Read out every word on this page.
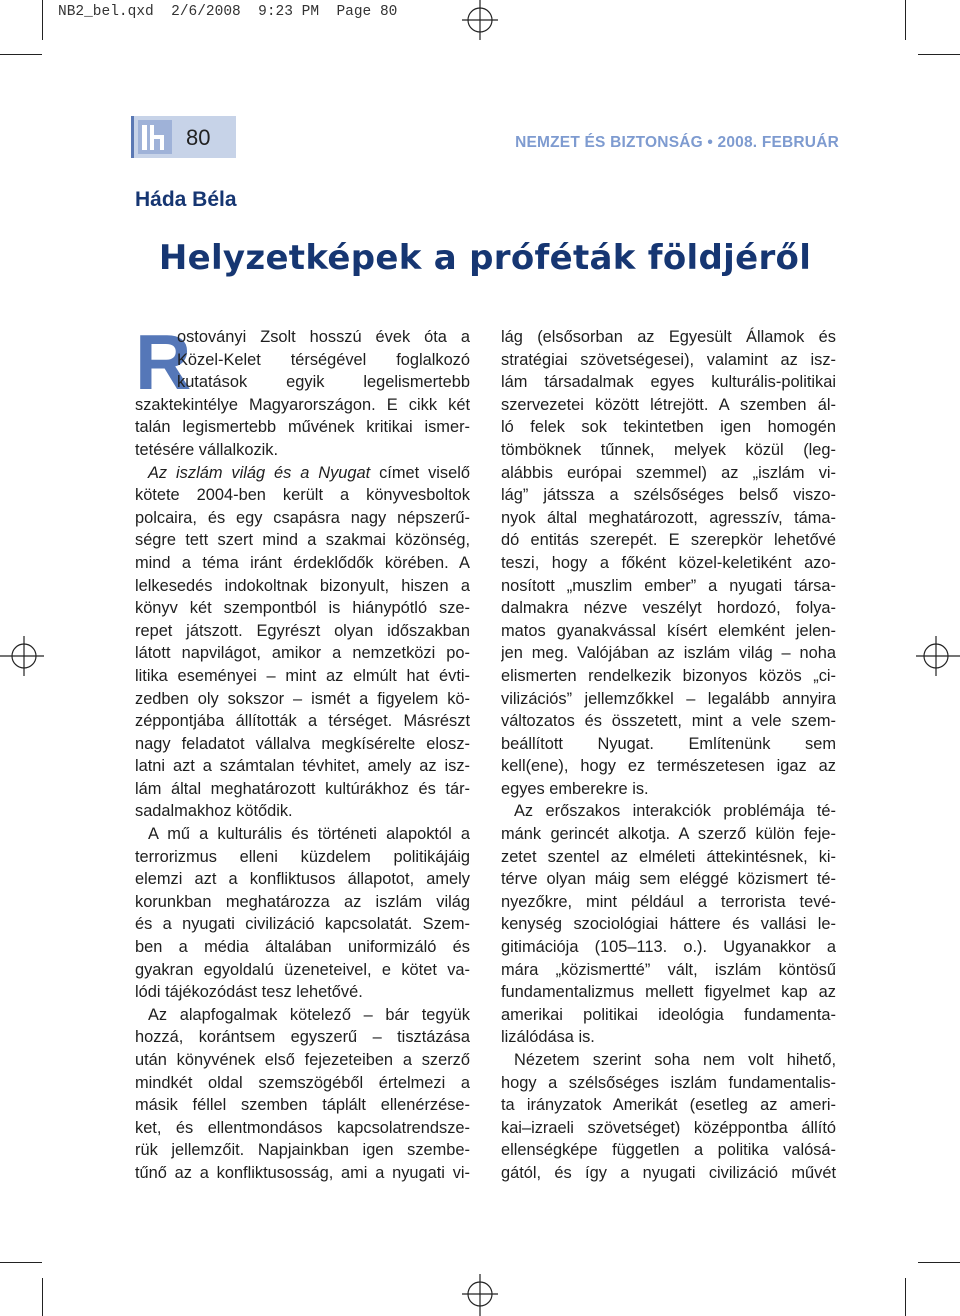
NB2_bel.qxd  2/6/2008  9:23 PM  Page 80
80	NEMZET ÉS BIZTONSÁG • 2008. FEBRUÁR
Háda Béla
Helyzetképek a próféták földjéről
R
ostoványi Zsolt hosszú évek óta a
Közel-Kelet térségével foglalkozó
kutatások egyik legelismertebb
szaktekintélye Magyarországon. E cikk két
talán legismertebb művének kritikai ismer-
tetésére vállalkozik.
Az iszlám világ és a Nyugat címet viselő
kötete 2004-ben került a könyvesboltok
polcaira, és egy csapásra nagy népszerű-
ségre tett szert mind a szakmai közönség,
mind a téma iránt érdeklődők körében. A
lelkesedés indokoltnak bizonyult, hiszen a
könyv két szempontból is hiánypótló sze-
repet játszott. Egyrészt olyan időszakban
látott napvilágot, amikor a nemzetközi po-
litika eseményei – mint az elmúlt hat évti-
zedben oly sokszor – ismét a figyelem kö-
zéppontjába állították a térséget. Másrészt
nagy feladatot vállalva megkísérelte elosz-
latni azt a számtalan tévhitet, amely az isz-
lám által meghatározott kultúrákhoz és tár-
sadalmakhoz kötődik.
A mű a kulturális és történeti alapoktól a
terrorizmus elleni küzdelem politikájáig
elemzi azt a konfliktusos állapotot, amely
korunkban meghatározza az iszlám világ
és a nyugati civilizáció kapcsolatát. Szem-
ben a média általában uniformizáló és
gyakran egyoldalú üzeneteivel, e kötet va-
lódi tájékozódást tesz lehetővé.
Az alapfogalmak kötelező – bár tegyük
hozzá, korántsem egyszerű – tisztázása
után könyvének első fejezeteiben a szerző
mindkét oldal szemszögéből értelmezi a
másik féllel szemben táplált ellenérzése-
ket, és ellentmondásos kapcsolatrendsze-
rük jellemzőit. Napjainkban igen szembe-
tűnő az a konfliktusosság, ami a nyugati vi-
lág (elsősorban az Egyesült Államok és
stratégiai szövetségesei), valamint az isz-
lám társadalmak egyes kulturális-politikai
szervezetei között létrejött. A szemben ál-
ló felek sok tekintetben igen homogén
tömböknek tűnnek, melyek közül (leg-
alábbis európai szemmel) az „iszlám vi-
lág” játssza a szélsőséges belső viszo-
nyok által meghatározott, agresszív, táma-
dó entitás szerepét. E szerepkör lehetővé
teszi, hogy a főként közel-keletiként azo-
nosított „muszlim ember” a nyugati társa-
dalmakra nézve veszélyt hordozó, folya-
matos gyanakvással kísért elemként jelen-
jen meg. Valójában az iszlám világ – noha
elismerten rendelkezik bizonyos közös „ci-
vilizációs” jellemzőkkel – legalább annyira
változatos és összetett, mint a vele szem-
beállított Nyugat. Említenünk sem
kell(ene), hogy ez természetesen igaz az
egyes emberekre is.
Az erőszakos interakciók problémája té-
mánk gerincét alkotja. A szerző külön feje-
zetet szentel az elméleti áttekintésnek, ki-
térve olyan máig sem eléggé közismert té-
nyezőkre, mint például a terrorista tevé-
kenység szociológiai háttere és vallási le-
gitimációja (105–113. o.). Ugyanakkor a
mára „közismertté” vált, iszlám köntösű
fundamentalizmus mellett figyelmet kap az
amerikai politikai ideológia fundamenta-
lizálódása is.
Nézetem szerint soha nem volt hihető,
hogy a szélsőséges iszlám fundamentalis-
ta irányzatok Amerikát (esetleg az ameri-
kai–izraeli szövetséget) középpontba állító
ellenségképe független a politika valósá-
gától, és így a nyugati civilizáció művét
